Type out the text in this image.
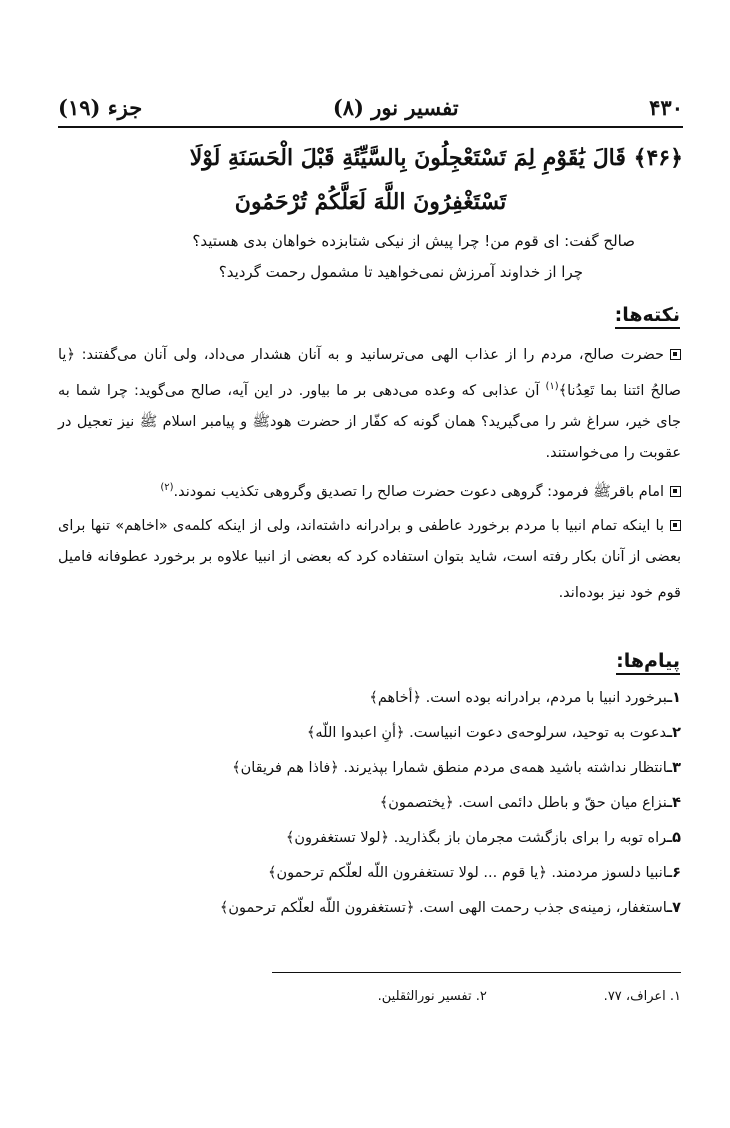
۴۳۰
تفسیر نور (۸)
جزء (۱۹)
﴿۴۶﴾ قَالَ يَٰقَوْمِ لِمَ تَسْتَعْجِلُونَ بِالسَّيِّئَةِ قَبْلَ الْحَسَنَةِ لَوْلَا
تَسْتَغْفِرُونَ اللَّهَ لَعَلَّكُمْ تُرْحَمُونَ
صالح گفت: ای قوم من! چرا پیش از نیکی شتابزده خواهان بدی هستید؟
چرا از خداوند آمرزش نمی‌خواهید تا مشمول رحمت گردید؟
نکته‌ها:

حضرت صالح، مردم را از عذاب الهی می‌ترسانید و به آنان هشدار می‌داد، ولی آنان می‌گفتند: ﴿یا صالحُ ائتنا بما تَعِدُنا﴾$^{(۱)}$ آن عذابی که وعده می‌دهی بر ما بیاور. در این آیه، صالح می‌گوید: چرا شما به جای خیر، سراغ شر را می‌گیرید؟ همان گونه که کفّار از حضرت هود‌ﷺ و پیامبر اسلام ﷺ نیز تعجیل در عقوبت را می‌خواستند.

امام باقر‌ﷺ فرمود: گروهی دعوت حضرت صالح را تصدیق وگروهی تکذیب نمودند.$^{(۲)}$

با اینکه تمام انبیا با مردم برخورد عاطفی و برادرانه داشته‌اند، ولی از اینکه کلمه‌ی «اخاهم» تنها برای بعضی از آنان بکار رفته است، شاید بتوان استفاده کرد که بعضی از انبیا علاوه بر برخورد عطوفانه فامیل قوم خود نیز بوده‌اند.

پیام‌ها:
۱ـبرخورد انبیا با مردم، برادرانه بوده است. ﴿أخاهم﴾
۲ـدعوت به توحید، سرلوحه‌ی دعوت انبیاست. ﴿أنِ اعبدوا اللّه﴾
۳ـانتظار نداشته باشید همه‌ی مردم منطق شمارا بپذیرند. ﴿فاذا هم فریقان﴾
۴ـنزاع میان حقّ و باطل دائمی است. ﴿یختصمون﴾
۵ـراه توبه را برای بازگشت مجرمان باز بگذارید. ﴿لولا تستغفرون﴾
۶ـانبیا دلسوز مردمند. ﴿یا قوم ... لولا تستغفرون اللّه لعلّکم ترحمون﴾
۷ـاستغفار، زمینه‌ی جذب رحمت الهی است. ﴿تستغفرون اللّه لعلّکم ترحمون﴾
۱. اعراف، ۷۷. ۲. تفسیر نورالثقلین.
